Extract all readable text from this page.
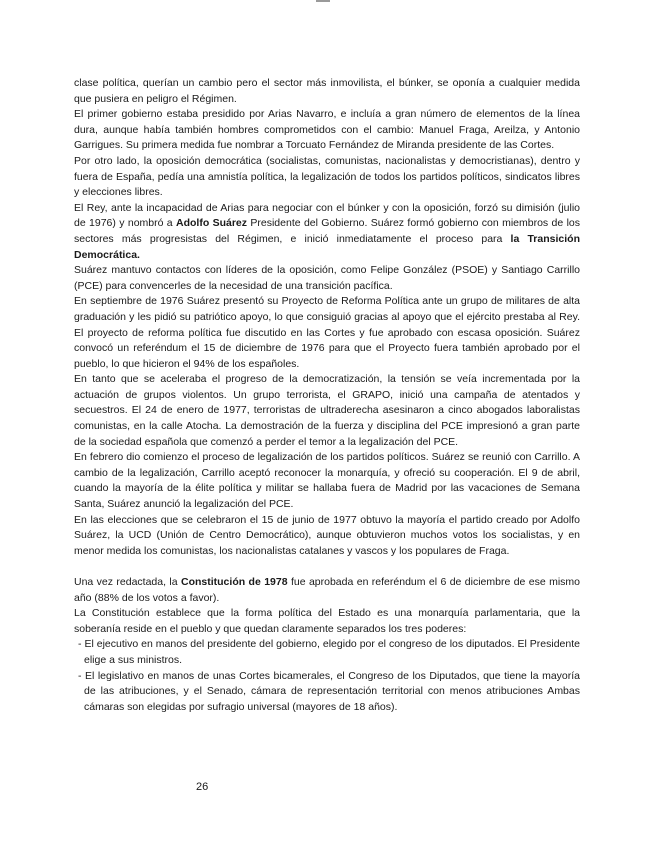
clase política, querían un cambio pero el sector más inmovilista, el búnker, se oponía a cualquier medida que pusiera en peligro el Régimen.

El primer gobierno estaba presidido por Arias Navarro, e incluía a gran número de elementos de la línea dura, aunque había también hombres comprometidos con el cambio: Manuel Fraga, Areilza, y Antonio Garrigues. Su primera medida fue nombrar a Torcuato Fernández de Miranda presidente de las Cortes.

Por otro lado, la oposición democrática (socialistas, comunistas, nacionalistas y democristianas), dentro y fuera de España, pedía una amnistía política, la legalización de todos los partidos políticos, sindicatos libres y elecciones libres.

El Rey, ante la incapacidad de Arias para negociar con el búnker y con la oposición, forzó su dimisión (julio de 1976) y nombró a Adolfo Suárez Presidente del Gobierno. Suárez formó gobierno con miembros de los sectores más progresistas del Régimen, e inició inmediatamente el proceso para la Transición Democrática.

Suárez mantuvo contactos con líderes de la oposición, como Felipe González (PSOE) y Santiago Carrillo (PCE) para convencerles de la necesidad de una transición pacífica.

En septiembre de 1976 Suárez presentó su Proyecto de Reforma Política ante un grupo de militares de alta graduación y les pidió su patriótico apoyo, lo que consiguió gracias al apoyo que el ejército prestaba al Rey. El proyecto de reforma política fue discutido en las Cortes y fue aprobado con escasa oposición. Suárez convocó un referéndum el 15 de diciembre de 1976 para que el Proyecto fuera también aprobado por el pueblo, lo que hicieron el 94% de los españoles.

En tanto que se aceleraba el progreso de la democratización, la tensión se veía incrementada por la actuación de grupos violentos. Un grupo terrorista, el GRAPO, inició una campaña de atentados y secuestros. El 24 de enero de 1977, terroristas de ultraderecha asesinaron a cinco abogados laboralistas comunistas, en la calle Atocha. La demostración de la fuerza y disciplina del PCE impresionó a gran parte de la sociedad española que comenzó a perder el temor a la legalización del PCE.

En febrero dio comienzo el proceso de legalización de los partidos políticos. Suárez se reunió con Carrillo. A cambio de la legalización, Carrillo aceptó reconocer la monarquía, y ofreció su cooperación. El 9 de abril, cuando la mayoría de la élite política y militar se hallaba fuera de Madrid por las vacaciones de Semana Santa, Suárez anunció la legalización del PCE.

En las elecciones que se celebraron el 15 de junio de 1977 obtuvo la mayoría el partido creado por Adolfo Suárez, la UCD (Unión de Centro Democrático), aunque obtuvieron muchos votos los socialistas, y en menor medida los comunistas, los nacionalistas catalanes y vascos y los populares de Fraga.

Una vez redactada, la Constitución de 1978 fue aprobada en referéndum el 6 de diciembre de ese mismo año (88% de los votos a favor).

La Constitución establece que la forma política del Estado es una monarquía parlamentaria, que la soberanía reside en el pueblo y que quedan claramente separados los tres poderes:

- El ejecutivo en manos del presidente del gobierno, elegido por el congreso de los diputados. El Presidente elige a sus ministros.

- El legislativo en manos de unas Cortes bicamerales, el Congreso de los Diputados, que tiene la mayoría de las atribuciones, y el Senado, cámara de representación territorial con menos atribuciones Ambas cámaras son elegidas por sufragio universal (mayores de 18 años).

26
